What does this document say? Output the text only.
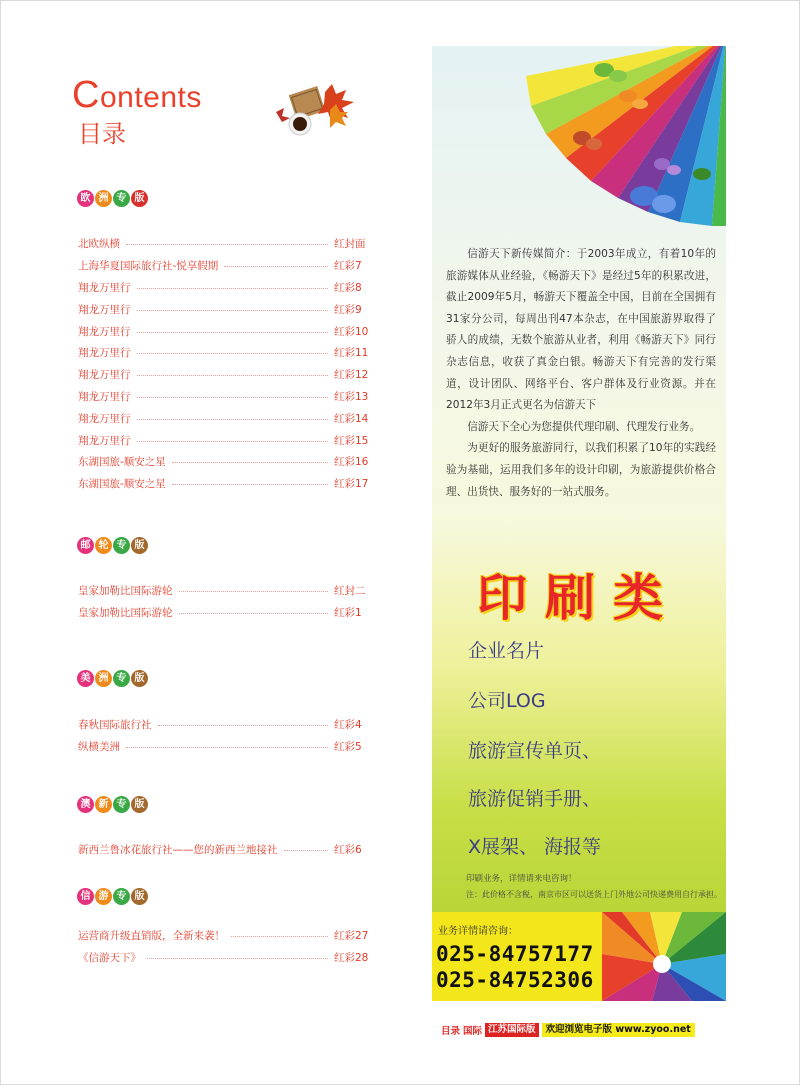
Contents
目录
欧 洲 专 版
北欧纵横	红封面
上海华夏国际旅行社-悦享假期	红彩7
翔龙万里行	红彩8
翔龙万里行	红彩9
翔龙万里行	红彩10
翔龙万里行	红彩11
翔龙万里行	红彩12
翔龙万里行	红彩13
翔龙万里行	红彩14
翔龙万里行	红彩15
东湖国旅-顺安之星	红彩16
东湖国旅-顺安之星	红彩17
邮 轮 专 版
皇家加勒比国际游轮	红封二
皇家加勒比国际游轮	红彩1
美 洲 专 版
春秋国际旅行社	红彩4
纵横美洲	红彩5
澳 新 专 版
新西兰鲁冰花旅行社——您的新西兰地接社	红彩6
信 游 专 版
运营商升级直销版，全新来袭！	红彩27
《信游天下》	红彩28

信游天下新传媒简介：于2003年成立，有着10年的旅游媒体从业经验，《畅游天下》是经过5年的积累改进，截止2009年5月，畅游天下覆盖全中国，目前在全国拥有31家分公司，每周出刊47本杂志，在中国旅游界取得了骄人的成绩，无数个旅游从业者，利用《畅游天下》同行杂志信息，收获了真金白银。畅游天下有完善的发行渠道，设计团队、网络平台、客户群体及行业资源。并在2012年3月正式更名为信游天下

信游天下全心为您提供代理印刷、代理发行业务。

为更好的服务旅游同行，以我们积累了10年的实践经验为基础，运用我们多年的设计印刷，为旅游提供价格合理、出货快、服务好的一站式服务。

印刷类
企业名片
公司LOG
旅游宣传单页、
旅游促销手册、
X展架、 海报等
印刷业务，详情请来电咨询！
注：此价格不含税，南京市区可以送货上门外地公司快递费用自行承担。
业务详情请咨询：
025-84757177
025-84752306
目录 国际 江苏国际版	欢迎浏览电子版 www.zyoo.net
